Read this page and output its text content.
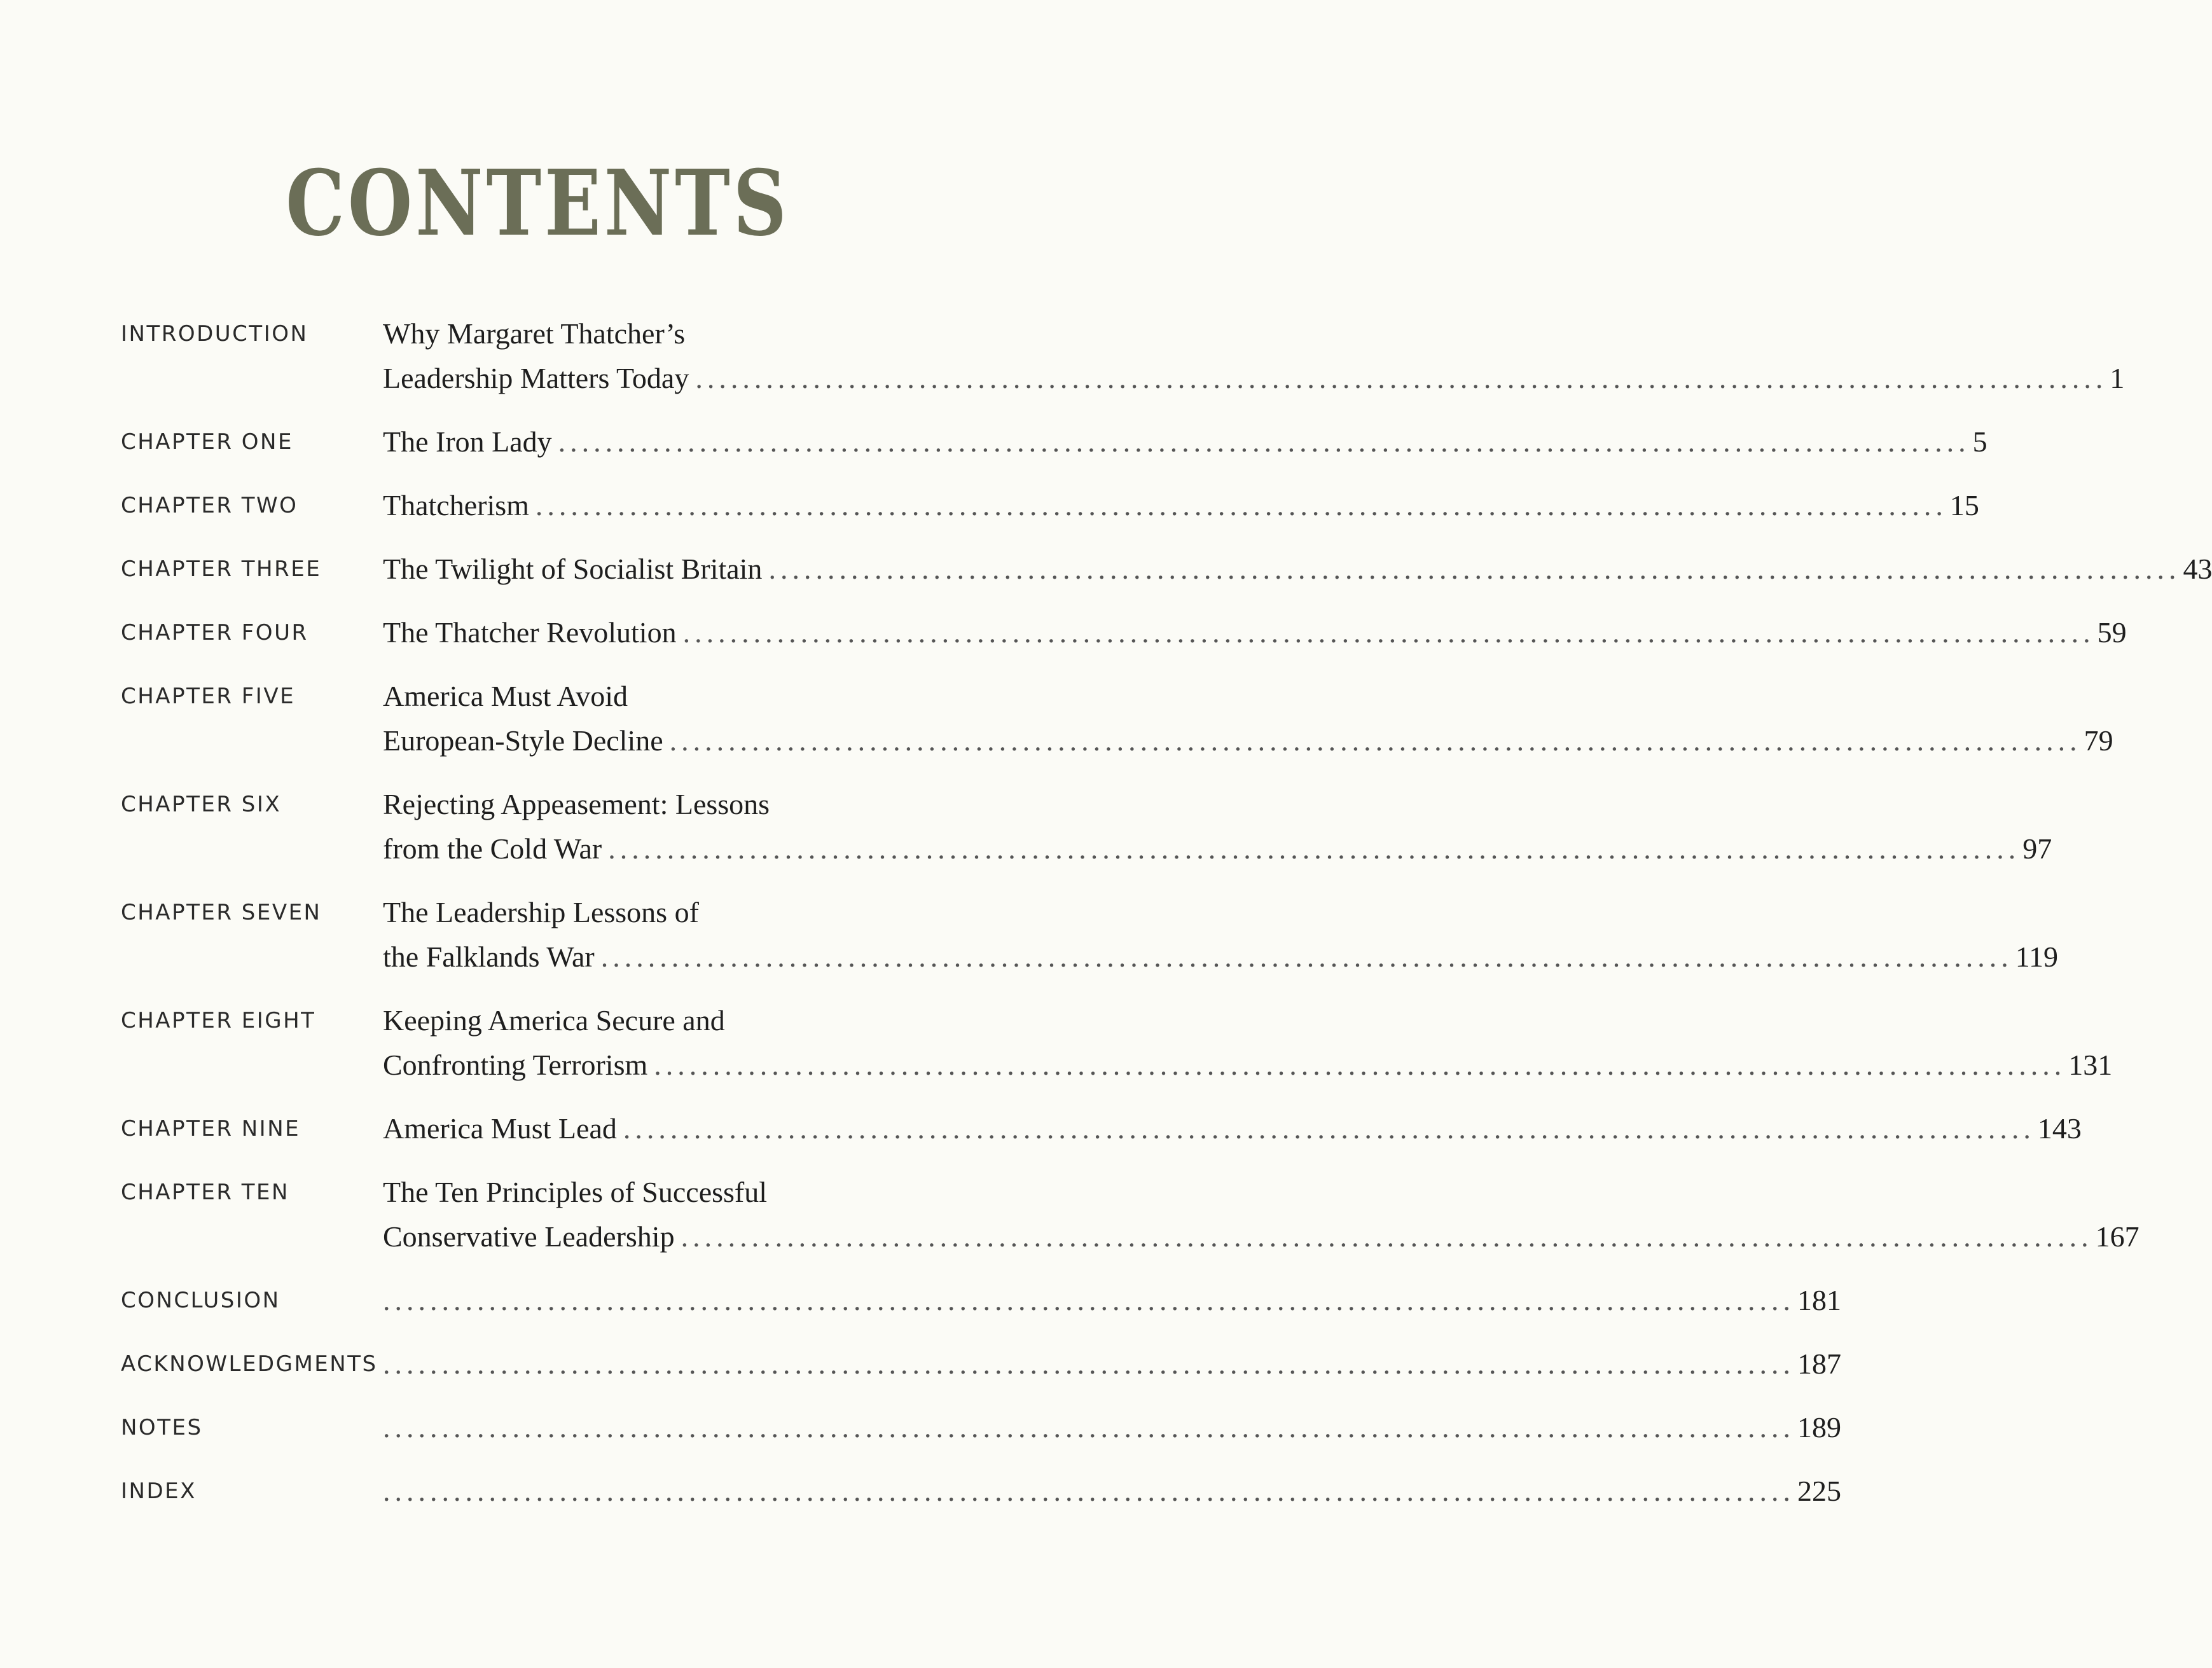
CONTENTS
INTRODUCTION	Why Margaret Thatcher’s
Leadership Matters Today ........................................................................................................................ 1
CHAPTER ONE	The Iron Lady ........................................................................................................................ 5
CHAPTER TWO	Thatcherism ........................................................................................................................ 15
CHAPTER THREE The Twilight of Socialist Britain ........................................................................................................................ 43
CHAPTER FOUR	The Thatcher Revolution ........................................................................................................................ 59
CHAPTER FIVE	America Must Avoid
European-Style Decline ........................................................................................................................ 79
CHAPTER SIX	Rejecting Appeasement: Lessons
from the Cold War ........................................................................................................................ 97
CHAPTER SEVEN The Leadership Lessons of
the Falklands War ........................................................................................................................ 119
CHAPTER EIGHT Keeping America Secure and
Confronting Terrorism ........................................................................................................................ 131
CHAPTER NINE	America Must Lead ........................................................................................................................ 143
CHAPTER TEN	The Ten Principles of Successful
Conservative Leadership ........................................................................................................................ 167
CONCLUSION	........................................................................................................................ 181
ACKNOWLEDGMENTS ........................................................................................................................ 187
NOTES	........................................................................................................................ 189
INDEX	........................................................................................................................ 225
